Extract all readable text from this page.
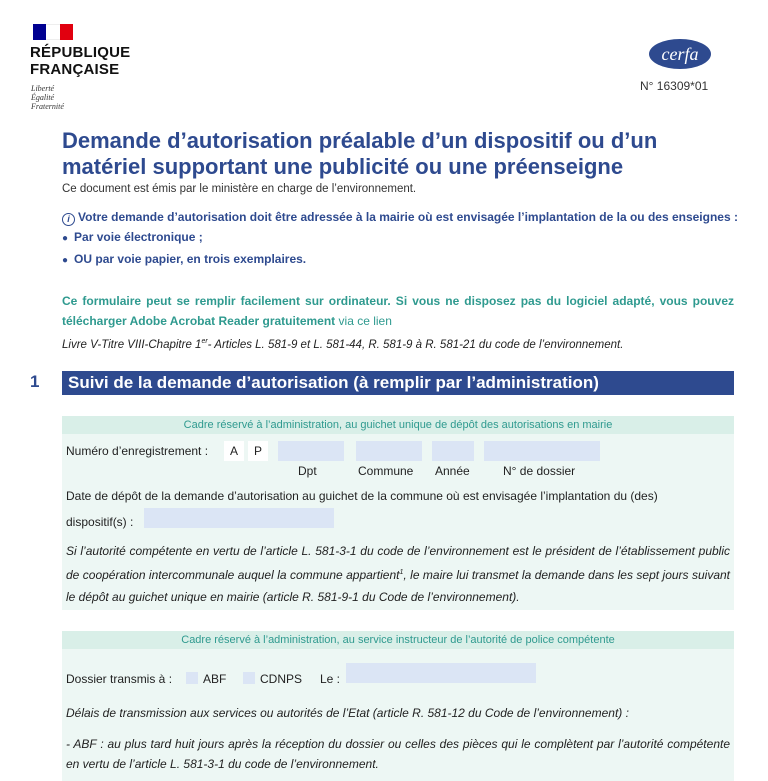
RÉPUBLIQUE
FRANÇAISE
Liberté
Égalité
Fraternité
cerfa
N° 16309*01
Demande d’autorisation préalable d’un dispositif ou d’un matériel supportant une publicité ou une préenseigne
Ce document est émis par le ministère en charge de l’environnement.
i Votre demande d’autorisation doit être adressée à la mairie où est envisagée l’implantation de la ou des enseignes :
● Par voie électronique ;
● OU par voie papier, en trois exemplaires.
Ce formulaire peut se remplir facilement sur ordinateur. Si vous ne disposez pas du logiciel adapté, vous pouvez télécharger Adobe Acrobat Reader gratuitement via ce lien
Livre V-Titre VIII-Chapitre 1er- Articles L. 581-9 et L. 581-44, R. 581-9 à R. 581-21 du code de l’environnement.
1	Suivi de la demande d’autorisation (à remplir par l’administration)
Cadre réservé à l’administration, au guichet unique de dépôt des autorisations en mairie
Numéro d’enregistrement :	A	P
Dpt	Commune Année	N° de dossier
Date de dépôt de la demande d’autorisation au guichet de la commune où est envisagée l’implantation du (des)
dispositif(s) :
Si l’autorité compétente en vertu de l’article L. 581-3-1 du code de l’environnement est le président de l’établissement public de coopération intercommunale auquel la commune appartient$^1$, le maire lui transmet la demande dans les sept jours suivant le dépôt au guichet unique en mairie (article R. 581-9-1 du Code de l’environnement).
Cadre réservé à l’administration, au service instructeur de l’autorité de police compétente
Dossier transmis à :	ABF	CDNPS Le :
Délais de transmission aux services ou autorités de l’Etat (article R. 581-12 du Code de l’environnement) :
- ABF : au plus tard huit jours après la réception du dossier ou celles des pièces qui le complètent par l’autorité compétente en vertu de l’article L. 581-3-1 du code de l’environnement.
